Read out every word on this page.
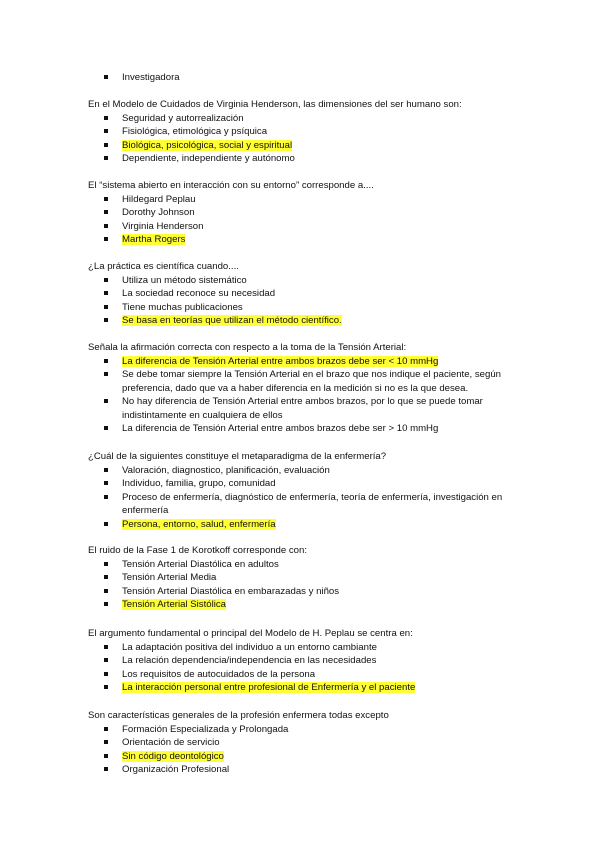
Investigadora
En el Modelo de Cuidados de Virginia Henderson, las dimensiones del ser humano son:
Seguridad y autorrealización
Fisiológica, etimológica y psíquica
Biológica, psicológica, social y espiritual
Dependiente, independiente y autónomo
El “sistema abierto en interacción con su entorno” corresponde a....
Hildegard Peplau
Dorothy Johnson
Virginia Henderson
Martha Rogers
¿La práctica es científica cuando....
Utiliza un método sistemático
La sociedad reconoce su necesidad
Tiene muchas publicaciones
Se basa en teorías que utilizan el método científico.
Señala la afirmación correcta con respecto a la toma de la Tensión Arterial:
La diferencia de Tensión Arterial entre ambos brazos debe ser < 10 mmHg
Se debe tomar siempre la Tensión Arterial en el brazo que nos indique el paciente, según preferencia, dado que va a haber diferencia en la medición si no es la que desea.
No hay diferencia de Tensión Arterial entre ambos brazos, por lo que se puede tomar indistintamente en cualquiera de ellos
La diferencia de Tensión Arterial entre ambos brazos debe ser > 10 mmHg
¿Cuál de la siguientes constituye el metaparadigma de la enfermería?
Valoración, diagnostico, planificación, evaluación
Individuo, familia, grupo, comunidad
Proceso de enfermería, diagnóstico de enfermería, teoría de enfermería, investigación en enfermería
Persona, entorno, salud, enfermería
El ruido de la Fase 1 de Korotkoff corresponde con:
Tensión Arterial Diastólica en adultos
Tensión Arterial Media
Tensión Arterial Diastólica en embarazadas y niños
Tensión Arterial Sistólica
El argumento fundamental o principal del Modelo de H. Peplau se centra en:
La adaptación positiva del individuo a un entorno cambiante
La relación dependencia/independencia en las necesidades
Los requisitos de autocuidados de la persona
La interacción personal entre profesional de Enfermería y el paciente
Son características generales de la profesión enfermera todas excepto
Formación Especializada y Prolongada
Orientación de servicio
Sin código deontológico
Organización Profesional
